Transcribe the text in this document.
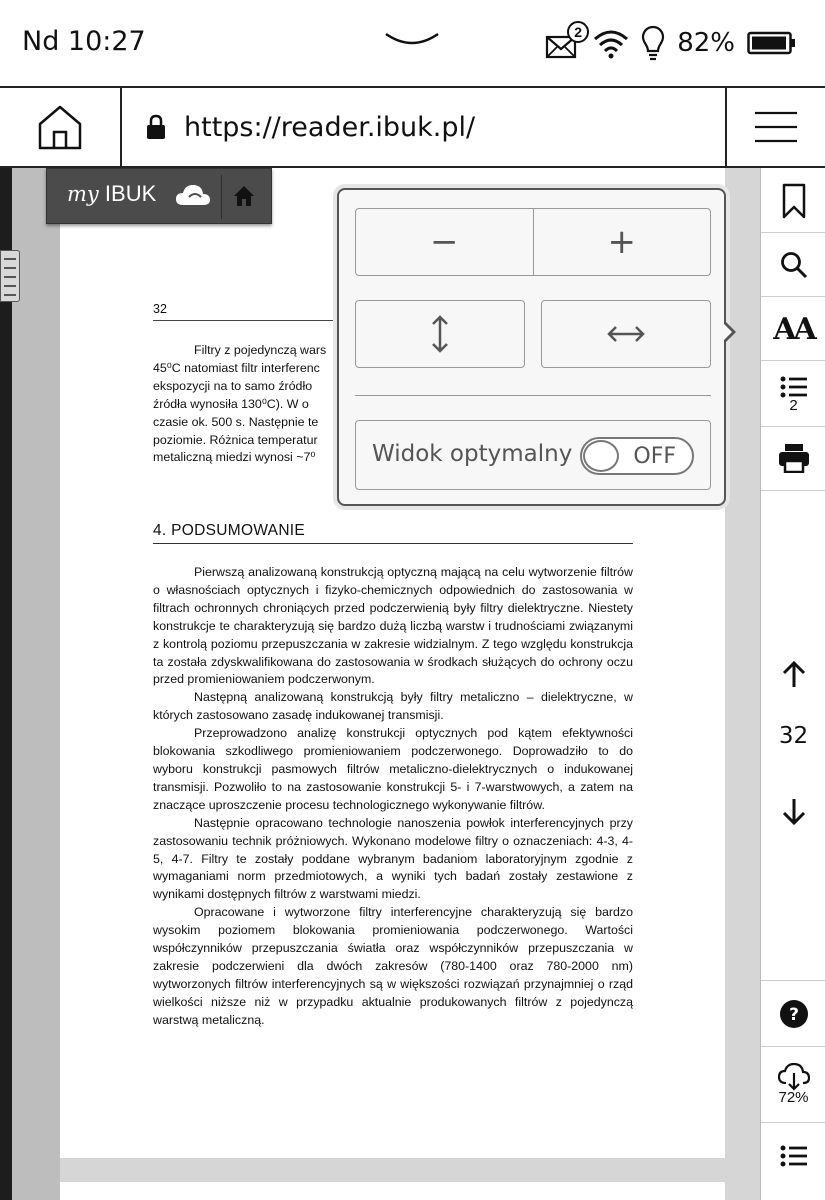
Nd 10:27	2	82%
https://reader.ibuk.pl/
my IBUK
32
Filtry z pojedynczą wars
45⁰C natomiast filtr interferenc
ekspozycji na to samo źródło
źródła wynosiła 130⁰C). W o
czasie ok. 500 s. Następnie te
poziomie. Różnica temperatur
metaliczną miedzi wynosi ~7⁰
4. PODSUMOWANIE

Pierwszą analizowaną konstrukcją optyczną mającą na celu wytworzenie filtrów o własnościach optycznych i fizyko-chemicznych odpowiednich do zastosowania w filtrach ochronnych chroniących przed podczerwienią były filtry dielektryczne. Niestety konstrukcje te charakteryzują się bardzo dużą liczbą warstw i trudnościami związanymi z kontrolą poziomu przepuszczania w zakresie widzialnym. Z tego względu konstrukcja ta została zdyskwalifikowana do zastosowania w środkach służących do ochrony oczu przed promieniowaniem podczerwonym.

Następną analizowaną konstrukcją były filtry metaliczno – dielektryczne, w których zastosowano zasadę indukowanej transmisji.

Przeprowadzono analizę konstrukcji optycznych pod kątem efektywności blokowania szkodliwego promieniowaniem podczerwonego. Doprowadziło to do wyboru konstrukcji pasmowych filtrów metaliczno-dielektrycznych o indukowanej transmisji. Pozwoliło to na zastosowanie konstrukcji 5- i 7-warstwowych, a zatem na znaczące uproszczenie procesu technologicznego wykonywanie filtrów.

Następnie opracowano technologie nanoszenia powłok interferencyjnych przy zastosowaniu technik próżniowych. Wykonano modelowe filtry o oznaczeniach: 4-3, 4-5, 4-7. Filtry te zostały poddane wybranym badaniom laboratoryjnym zgodnie z wymaganiami norm przedmiotowych, a wyniki tych badań zostały zestawione z wynikami dostępnych filtrów z warstwami miedzi.

Opracowane i wytworzone filtry interferencyjne charakteryzują się bardzo wysokim poziomem blokowania promieniowania podczerwonego. Wartości współczynników przepuszczania światła oraz współczynników przepuszczania w zakresie podczerwieni dla dwóch zakresów (780-1400 oraz 780-2000 nm) wytworzonych filtrów interferencyjnych są w większości rozwiązań przynajmniej o rząd wielkości niższe niż w przypadku aktualnie produkowanych filtrów z pojedynczą warstwą metaliczną.

−	+
Widok optymalny	OFF
AA
2
32
?
72%
